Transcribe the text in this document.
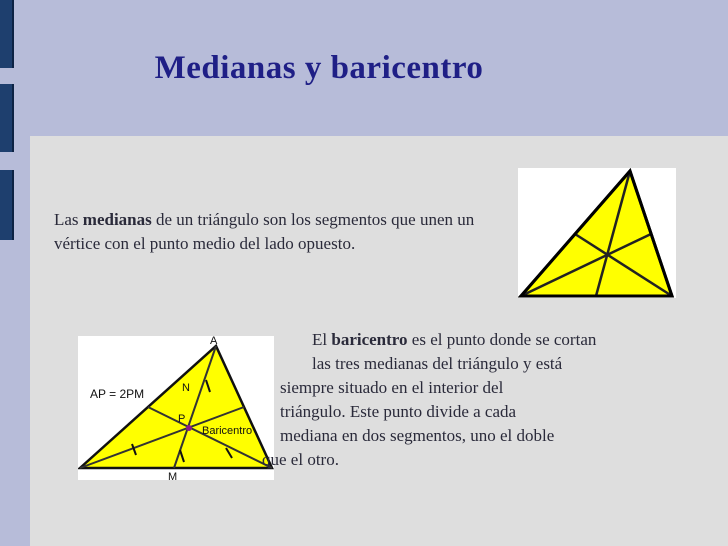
Medianas y baricentro
Las medianas de un triángulo son los segmentos que unen un vértice con el punto medio del lado opuesto.
A
N
P
M
AP = 2PM
Baricentro
El baricentro es el punto donde se cortan
las tres medianas del triángulo y está
siempre situado en el interior del
triángulo. Este punto divide a cada
mediana en dos segmentos, uno el doble
que el otro.
